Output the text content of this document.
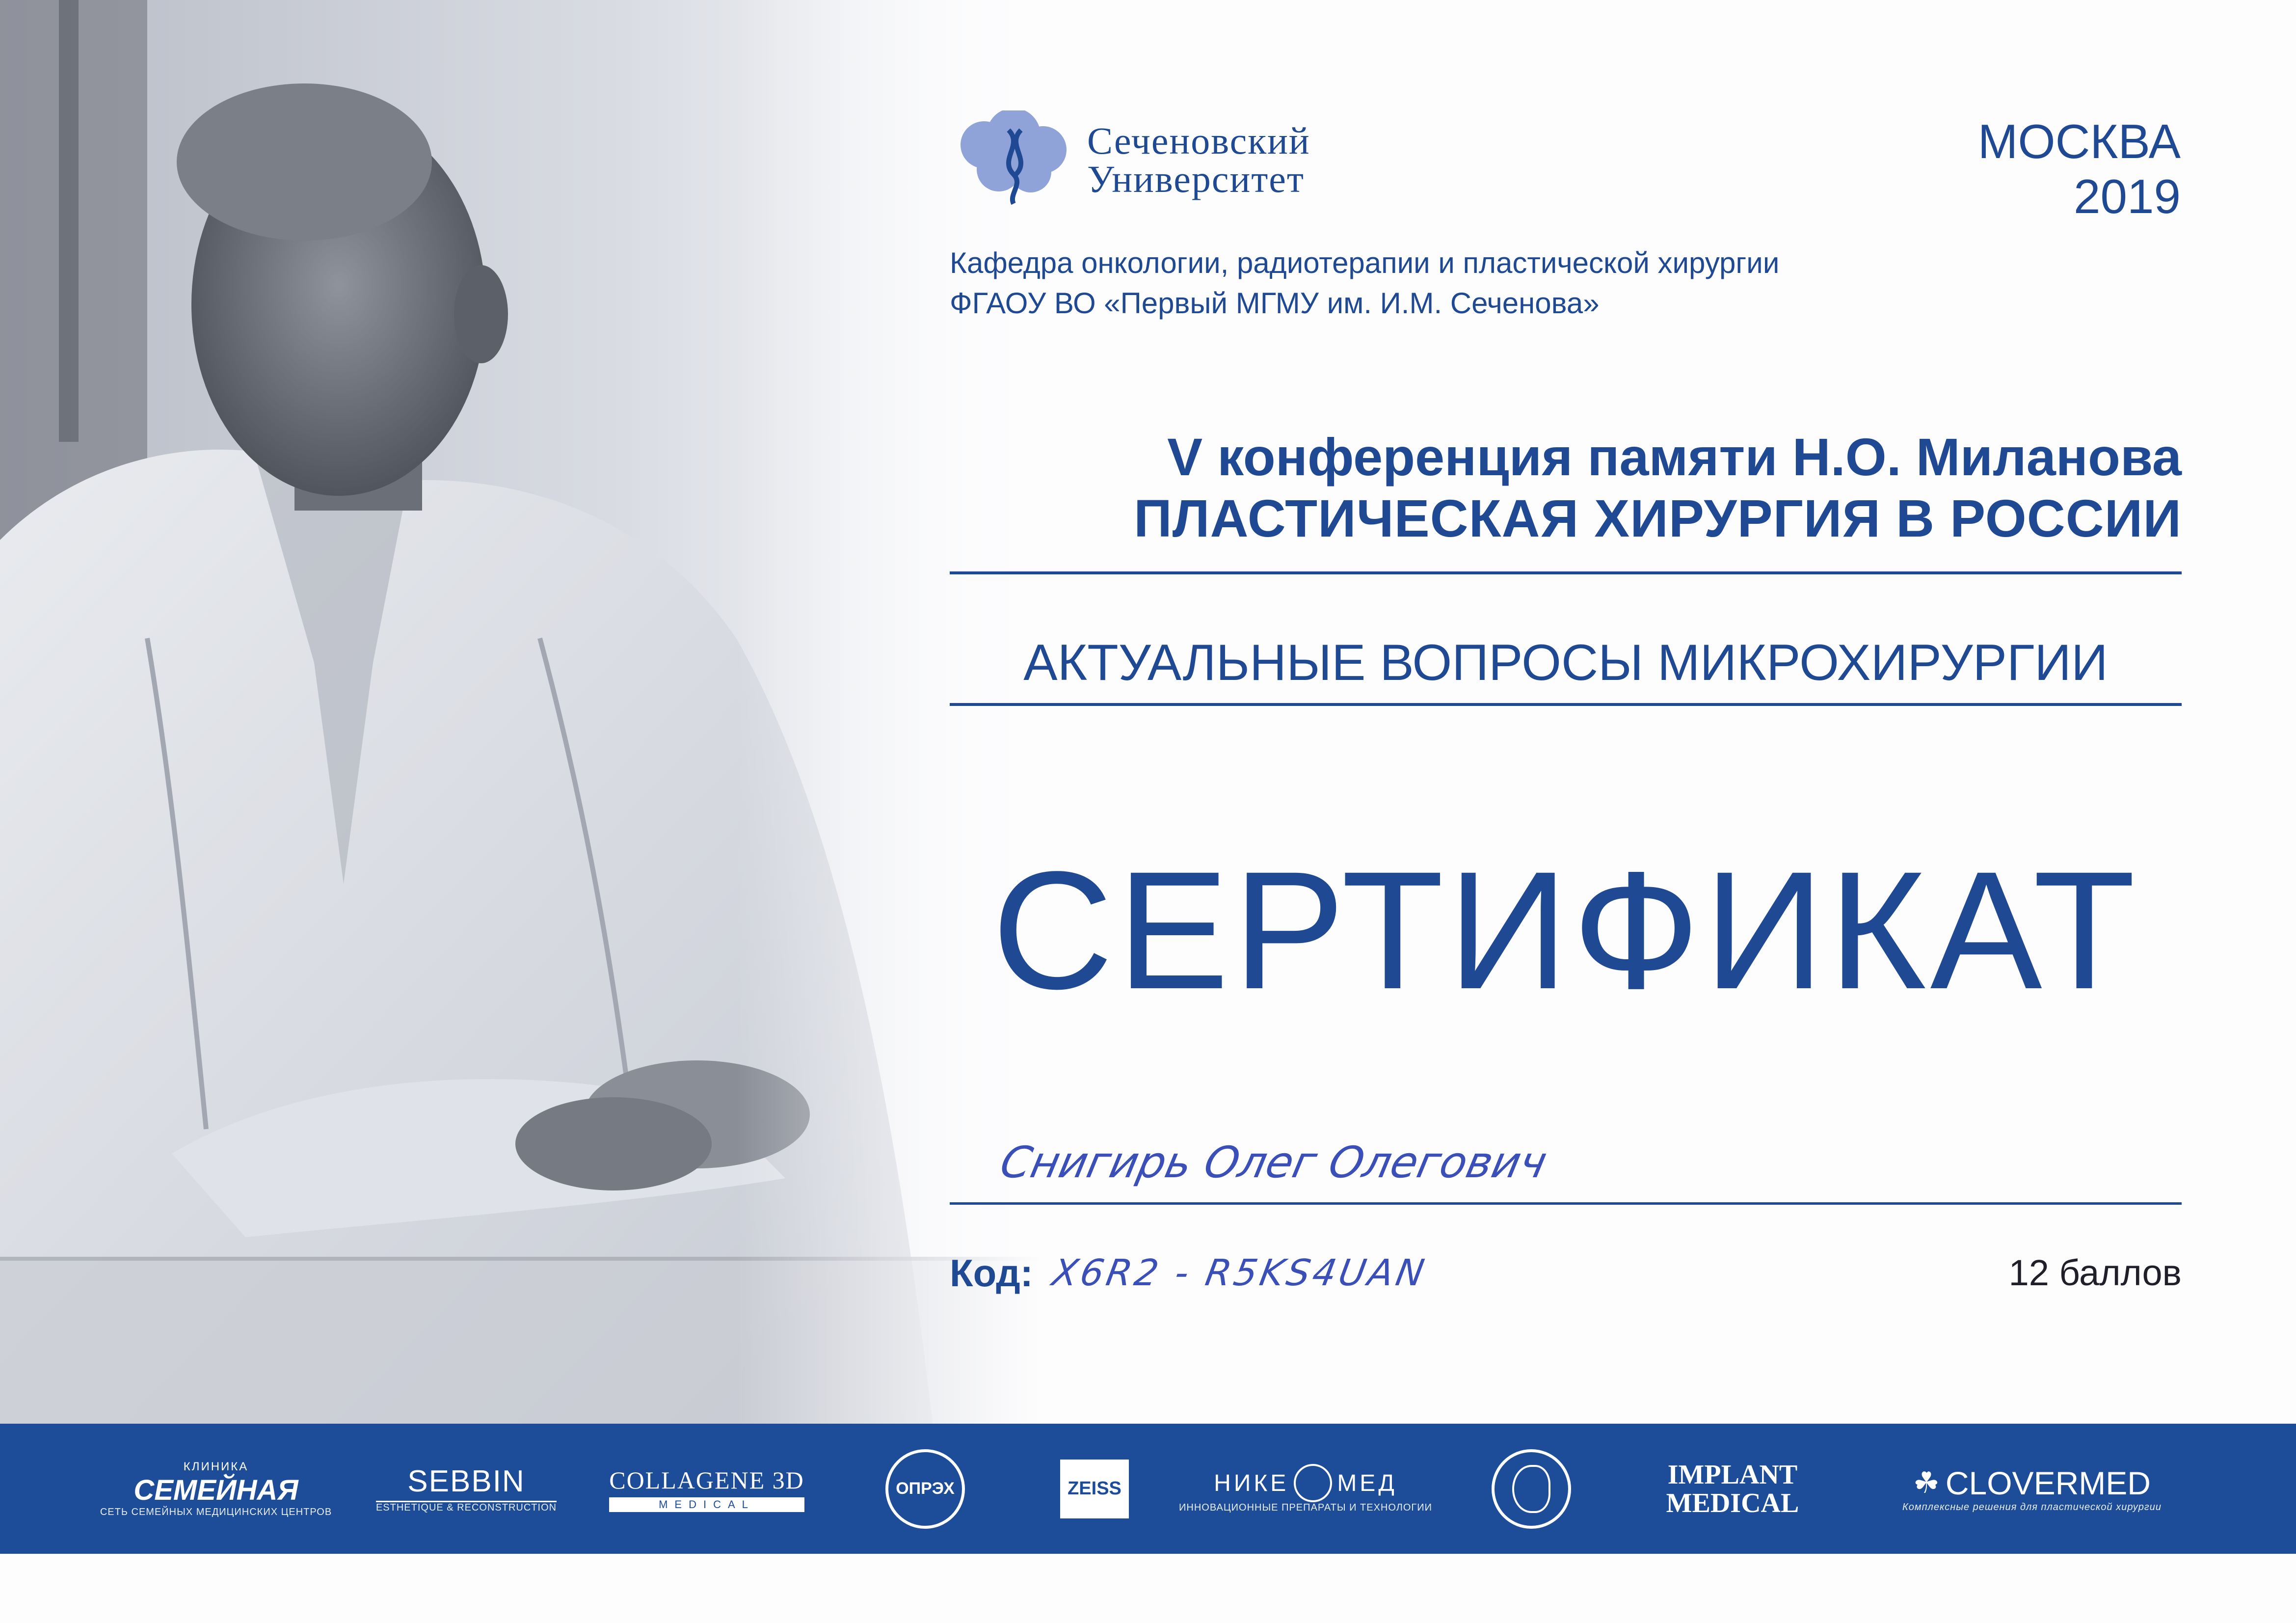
Сеченовский
Университет
МОСКВА
2019
Кафедра онкологии, радиотерапии и пластической хирургии
ФГАОУ ВО «Первый МГМУ им. И.М. Сеченова»
V конференция памяти Н.О. Миланова
ПЛАСТИЧЕСКАЯ ХИРУРГИЯ В РОССИИ
АКТУАЛЬНЫЕ ВОПРОСЫ МИКРОХИРУРГИИ
СЕРТИФИКАТ
Снигирь Олег Олегович
Код: X6R2 - R5KS4UAN	12 баллов
КЛИНИКА
СЕМЕЙНАЯ
СЕТЬ СЕМЕЙНЫХ МЕДИЦИНСКИХ ЦЕНТРОВ
SEBBIN
ESTHETIQUE & RECONSTRUCTION
COLLAGENE 3D
MEDICAL
ОПРЭХ	ZEISS	НИКЕ МЕД
ИННОВАЦИОННЫЕ ПРЕПАРАТЫ И ТЕХНОЛОГИИ
IMPLANT
MEDICAL
☘ CLOVERMED
Комплексные решения для пластической хирургии
